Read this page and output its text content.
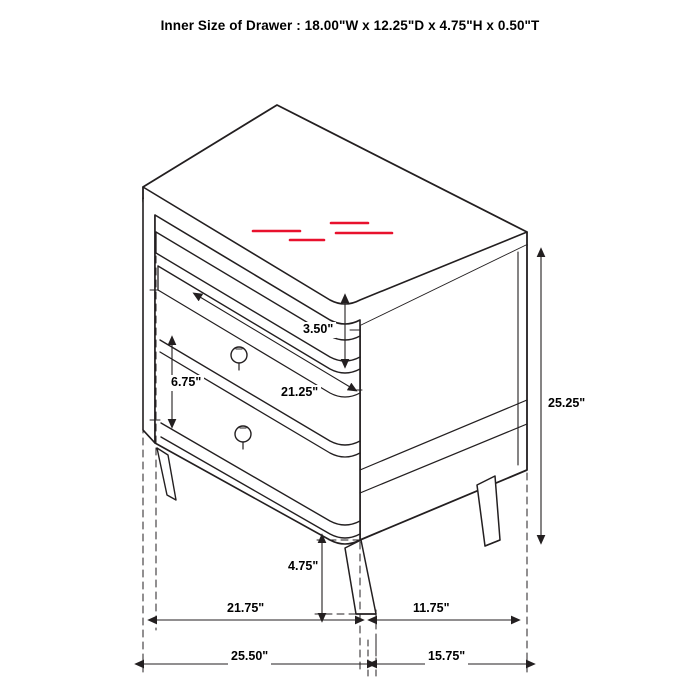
Inner Size of Drawer : 18.00"W x 12.25"D x 4.75"H x 0.50"T
3.50"
6.75"
21.25"
25.25"
4.75"
21.75"	11.75"
25.50"	15.75"
